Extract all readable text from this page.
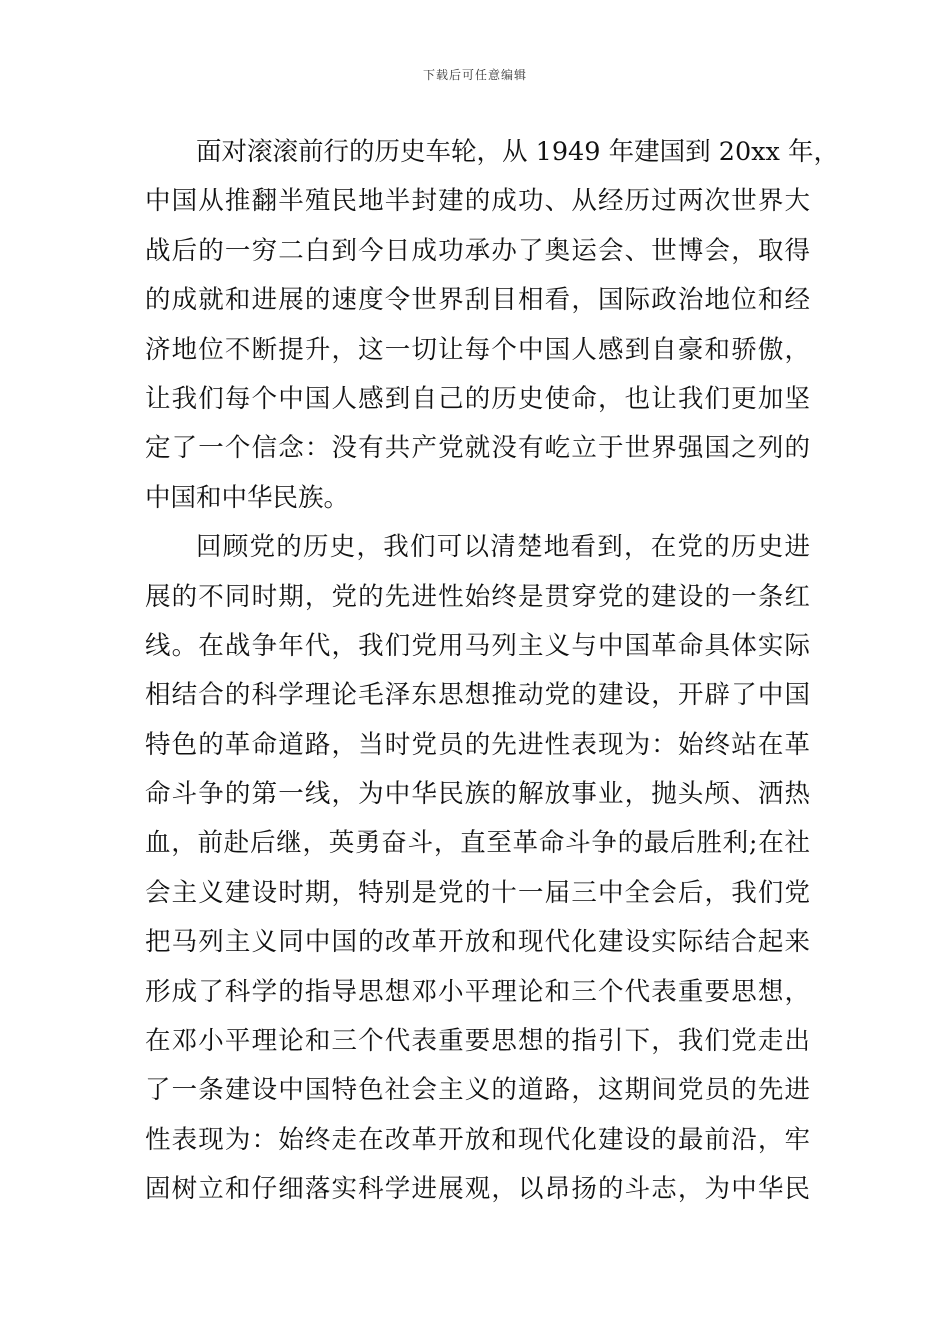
下载后可任意编辑
面对滚滚前行的历史车轮，从 1949 年建国到 20xx 年，
中国从推翻半殖民地半封建的成功、从经历过两次世界大
战后的一穷二白到今日成功承办了奥运会、世博会，取得
的成就和进展的速度令世界刮目相看，国际政治地位和经
济地位不断提升，这一切让每个中国人感到自豪和骄傲，
让我们每个中国人感到自己的历史使命，也让我们更加坚
定了一个信念：没有共产党就没有屹立于世界强国之列的
中国和中华民族。
回顾党的历史，我们可以清楚地看到，在党的历史进
展的不同时期，党的先进性始终是贯穿党的建设的一条红
线。在战争年代，我们党用马列主义与中国革命具体实际
相结合的科学理论毛泽东思想推动党的建设，开辟了中国
特色的革命道路，当时党员的先进性表现为：始终站在革
命斗争的第一线，为中华民族的解放事业，抛头颅、洒热
血，前赴后继，英勇奋斗，直至革命斗争的最后胜利;在社
会主义建设时期，特别是党的十一届三中全会后，我们党
把马列主义同中国的改革开放和现代化建设实际结合起来
形成了科学的指导思想邓小平理论和三个代表重要思想，
在邓小平理论和三个代表重要思想的指引下，我们党走出
了一条建设中国特色社会主义的道路，这期间党员的先进
性表现为：始终走在改革开放和现代化建设的最前沿，牢
固树立和仔细落实科学进展观，以昂扬的斗志，为中华民
